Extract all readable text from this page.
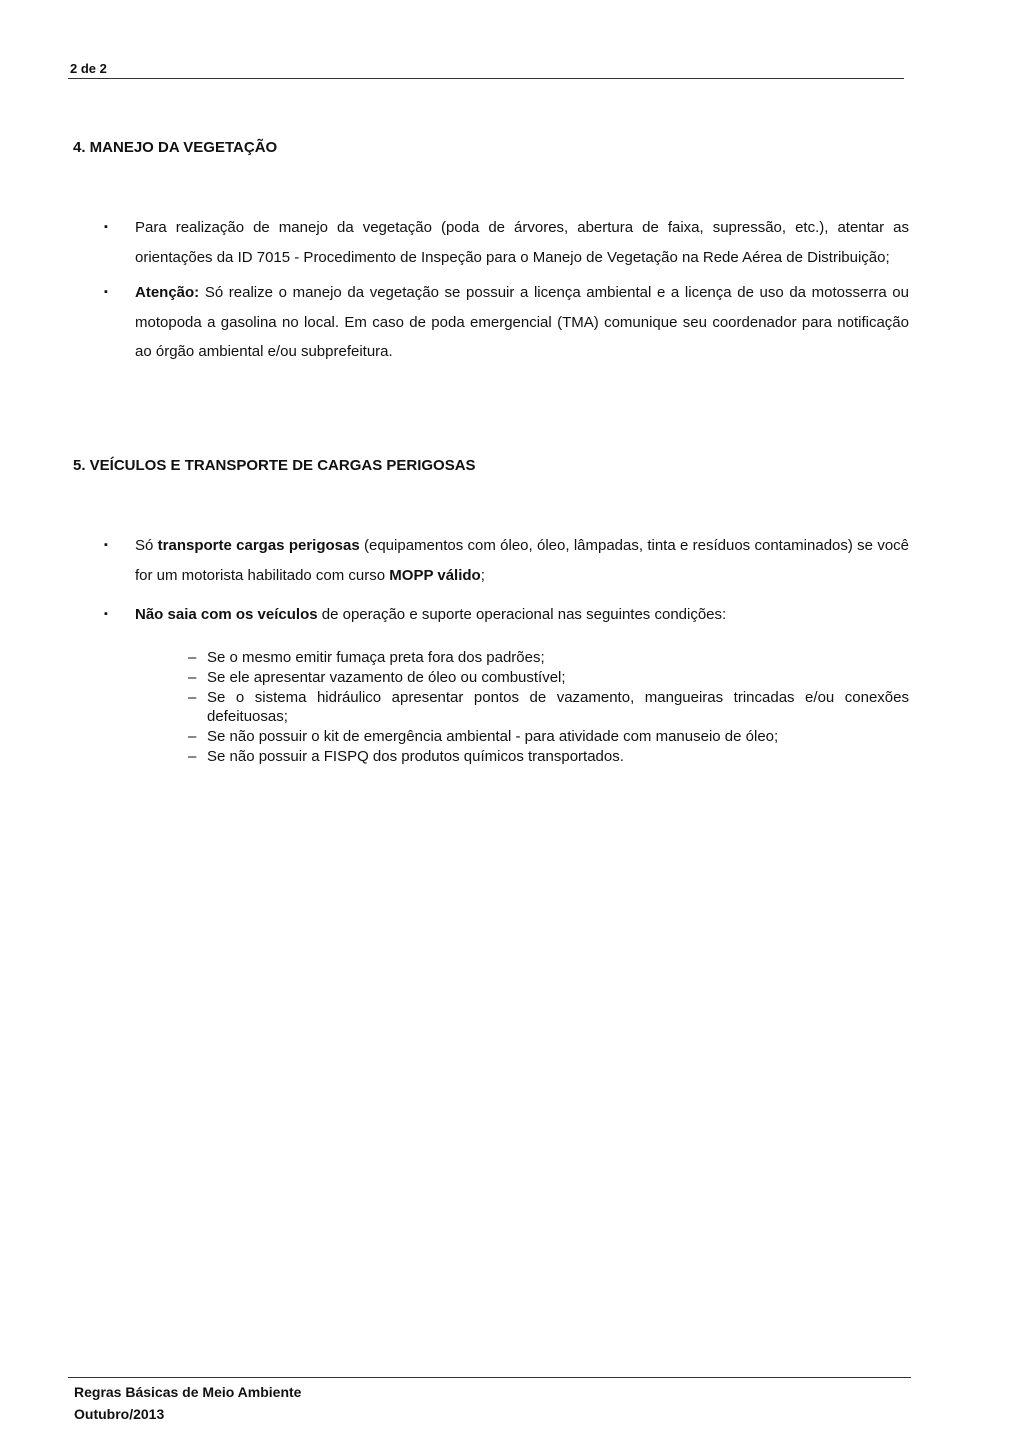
2 de 2
4. MANEJO DA VEGETAÇÃO
▪ Para realização de manejo da vegetação (poda de árvores, abertura de faixa, supressão, etc.), atentar as orientações da ID 7015 - Procedimento de Inspeção para o Manejo de Vegetação na Rede Aérea de Distribuição;
▪ Atenção: Só realize o manejo da vegetação se possuir a licença ambiental e a licença de uso da motosserra ou motopoda a gasolina no local. Em caso de poda emergencial (TMA) comunique seu coordenador para notificação ao órgão ambiental e/ou subprefeitura.
5. VEÍCULOS E TRANSPORTE DE CARGAS PERIGOSAS
▪ Só transporte cargas perigosas (equipamentos com óleo, óleo, lâmpadas, tinta e resíduos contaminados) se você for um motorista habilitado com curso MOPP válido;
▪ Não saia com os veículos de operação e suporte operacional nas seguintes condições:
– Se o mesmo emitir fumaça preta fora dos padrões;
– Se ele apresentar vazamento de óleo ou combustível;
– Se o sistema hidráulico apresentar pontos de vazamento, mangueiras trincadas e/ou conexões defeituosas;
– Se não possuir o kit de emergência ambiental - para atividade com manuseio de óleo;
– Se não possuir a FISPQ dos produtos químicos transportados.
Regras Básicas de Meio Ambiente
Outubro/2013
